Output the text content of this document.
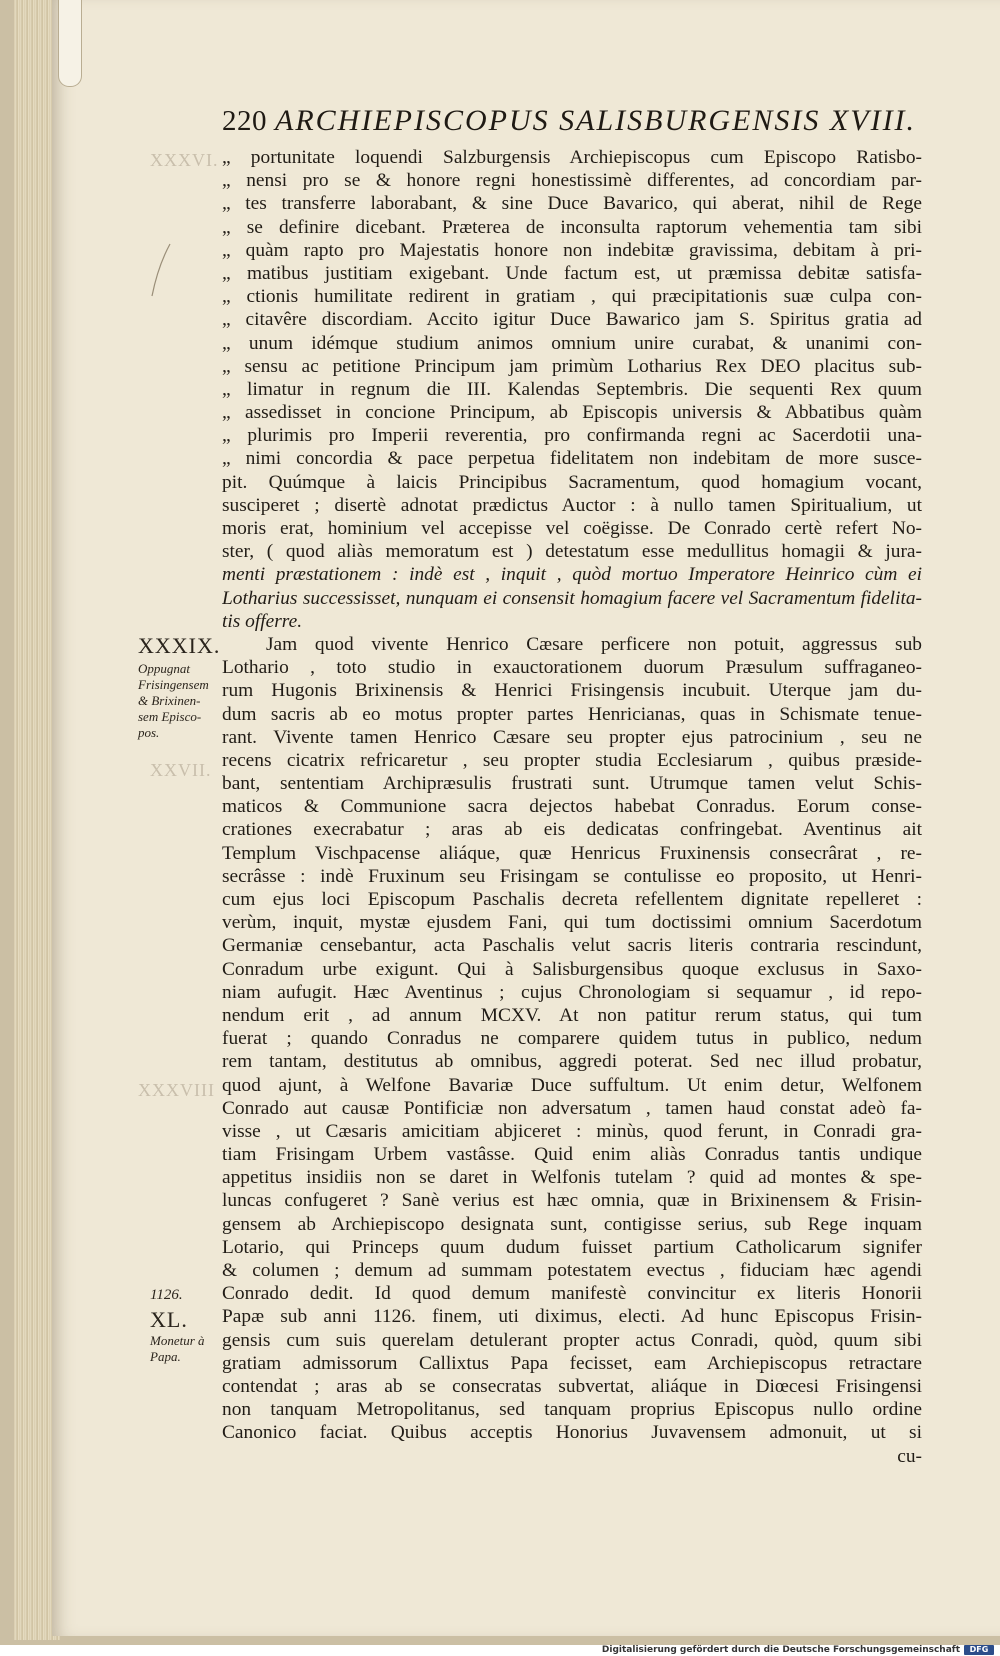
XXXVI.
XXVII.
XXXVIII
220 ARCHIEPISCOPUS SALISBURGENSIS XVIII.
XXXIX.
Oppugnat
Frisingensem
& Brixinen-
sem Episco-
pos.
1126.
XL.
Monetur à
Papa.
„ portunitate loquendi Salzburgensis Archiepiscopus cum Episcopo Ratisbo-
„ nensi pro se & honore regni honestissimè differentes, ad concordiam par-
„ tes transferre laborabant, & sine Duce Bavarico, qui aberat, nihil de Rege
„ se definire dicebant. Præterea de inconsulta raptorum vehementia tam sibi
„ quàm rapto pro Majestatis honore non indebitæ gravissima, debitam à pri-
„ matibus justitiam exigebant. Unde factum est, ut præmissa debitæ satisfa-
„ ctionis humilitate redirent in gratiam , qui præcipitationis suæ culpa con-
„ citavêre discordiam. Accito igitur Duce Bawarico jam S. Spiritus gratia ad
„ unum idémque studium animos omnium unire curabat, & unanimi con-
„ sensu ac petitione Principum jam primùm Lotharius Rex DEO placitus sub-
„ limatur in regnum die III. Kalendas Septembris. Die sequenti Rex quum
„ assedisset in concione Principum, ab Episcopis universis & Abbatibus quàm
„ plurimis pro Imperii reverentia, pro confirmanda regni ac Sacerdotii una-
„ nimi concordia & pace perpetua fidelitatem non indebitam de more susce-
pit. Quúmque à laicis Principibus Sacramentum, quod homagium vocant,
susciperet ; disertè adnotat prædictus Auctor : à nullo tamen Spiritualium, ut
moris erat, hominium vel accepisse vel coëgisse. De Conrado certè refert No-
ster, ( quod aliàs memoratum est ) detestatum esse medullitus homagii & jura-
menti præstationem : indè est , inquit , quòd mortuo Imperatore Heinrico cùm ei
Lotharius successisset, nunquam ei consensit homagium facere vel Sacramentum fidelita-
tis offerre.
Jam quod vivente Henrico Cæsare perficere non potuit, aggressus sub
Lothario , toto studio in exauctorationem duorum Præsulum suffraganeo-
rum Hugonis Brixinensis & Henrici Frisingensis incubuit. Uterque jam du-
dum sacris ab eo motus propter partes Henricianas, quas in Schismate tenue-
rant. Vivente tamen Henrico Cæsare seu propter ejus patrocinium , seu ne
recens cicatrix refricaretur , seu propter studia Ecclesiarum , quibus præside-
bant, sententiam Archipræsulis frustrati sunt. Utrumque tamen velut Schis-
maticos & Communione sacra dejectos habebat Conradus. Eorum conse-
crationes execrabatur ; aras ab eis dedicatas confringebat. Aventinus ait
Templum Vischpacense aliáque, quæ Henricus Fruxinensis consecrârat , re-
secrâsse : indè Fruxinum seu Frisingam se contulisse eo proposito, ut Henri-
cum ejus loci Episcopum Paschalis decreta refellentem dignitate repelleret :
verùm, inquit, mystæ ejusdem Fani, qui tum doctissimi omnium Sacerdotum
Germaniæ censebantur, acta Paschalis velut sacris literis contraria rescindunt,
Conradum urbe exigunt. Qui à Salisburgensibus quoque exclusus in Saxo-
niam aufugit. Hæc Aventinus ; cujus Chronologiam si sequamur , id repo-
nendum erit , ad annum MCXV. At non patitur rerum status, qui tum
fuerat ; quando Conradus ne comparere quidem tutus in publico, nedum
rem tantam, destitutus ab omnibus, aggredi poterat. Sed nec illud probatur,
quod ajunt, à Welfone Bavariæ Duce suffultum. Ut enim detur, Welfonem
Conrado aut causæ Pontificiæ non adversatum , tamen haud constat adeò fa-
visse , ut Cæsaris amicitiam abjiceret : minùs, quod ferunt, in Conradi gra-
tiam Frisingam Urbem vastâsse. Quid enim aliàs Conradus tantis undique
appetitus insidiis non se daret in Welfonis tutelam ? quid ad montes & spe-
luncas confugeret ? Sanè verius est hæc omnia, quæ in Brixinensem & Frisin-
gensem ab Archiepiscopo designata sunt, contigisse serius, sub Rege inquam
Lotario, qui Princeps quum dudum fuisset partium Catholicarum signifer
& columen ; demum ad summam potestatem evectus , fiduciam hæc agendi
Conrado dedit. Id quod demum manifestè convincitur ex literis Honorii
Papæ sub anni 1126. finem, uti diximus, electi. Ad hunc Episcopus Frisin-
gensis cum suis querelam detulerant propter actus Conradi, quòd, quum sibi
gratiam admissorum Callixtus Papa fecisset, eam Archiepiscopus retractare
contendat ; aras ab se consecratas subvertat, aliáque in Diœcesi Frisingensi
non tanquam Metropolitanus, sed tanquam proprius Episcopus nullo ordine
Canonico faciat. Quibus acceptis Honorius Juvavensem admonuit, ut si
cu-
Digitalisierung gefördert durch die Deutsche Forschungsgemeinschaft	DFG
